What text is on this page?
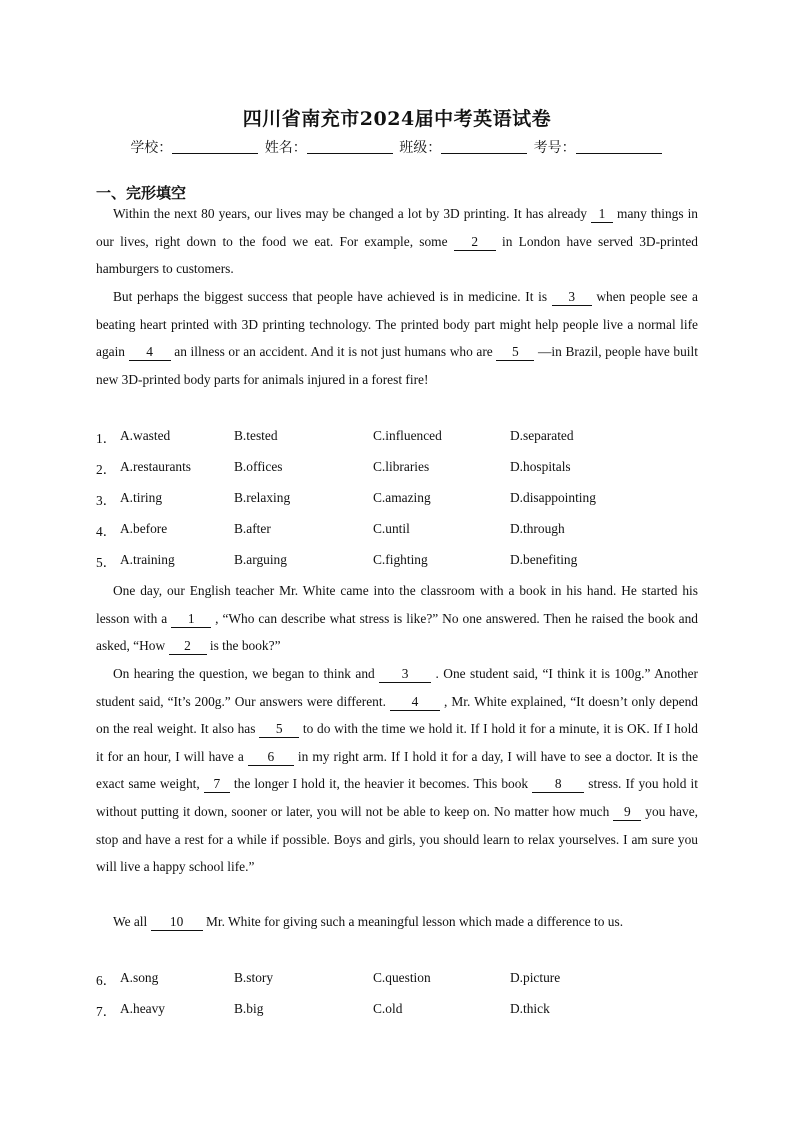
四川省南充市2024届中考英语试卷
学校：	姓名：	班级：	考号：
一、完形填空
Within the next 80 years, our lives may be changed a lot by 3D printing. It has already 1 many things in our lives, right down to the food we eat. For example, some 2 in London have served 3D-printed hamburgers to customers.
But perhaps the biggest success that people have achieved is in medicine. It is 3 when people see a beating heart printed with 3D printing technology. The printed body part might help people live a normal life again 4 an illness or an accident. And it is not just humans who are 5 —in Brazil, people have built new 3D-printed body parts for animals injured in a forest fire!
1． A.wasted	B.tested	C.influenced	D.separated
2． A.restaurants	B.offices	C.libraries	D.hospitals
3． A.tiring	B.relaxing	C.amazing	D.disappointing
4． A.before	B.after	C.until	D.through
5． A.training	B.arguing	C.fighting	D.benefiting
One day, our English teacher Mr. White came into the classroom with a book in his hand. He started his lesson with a 1 , “Who can describe what stress is like?” No one answered. Then he raised the book and asked, “How 2 is the book?”
On hearing the question, we began to think and 3 . One student said, “I think it is 100g.” Another student said, “It’s 200g.” Our answers were different. 4 , Mr. White explained, “It doesn’t only depend on the real weight. It also has 5 to do with the time we hold it. If I hold it for a minute, it is OK. If I hold it for an hour, I will have a 6 in my right arm. If I hold it for a day, I will have to see a doctor. It is the exact same weight, 7 the longer I hold it, the heavier it becomes. This book 8 stress. If you hold it without putting it down, sooner or later, you will not be able to keep on. No matter how much 9 you have, stop and have a rest for a while if possible. Boys and girls, you should learn to relax yourselves. I am sure you will live a happy school life.”
We all 10 Mr. White for giving such a meaningful lesson which made a difference to us.
6． A.song	B.story	C.question	D.picture
7． A.heavy	B.big	C.old	D.thick
